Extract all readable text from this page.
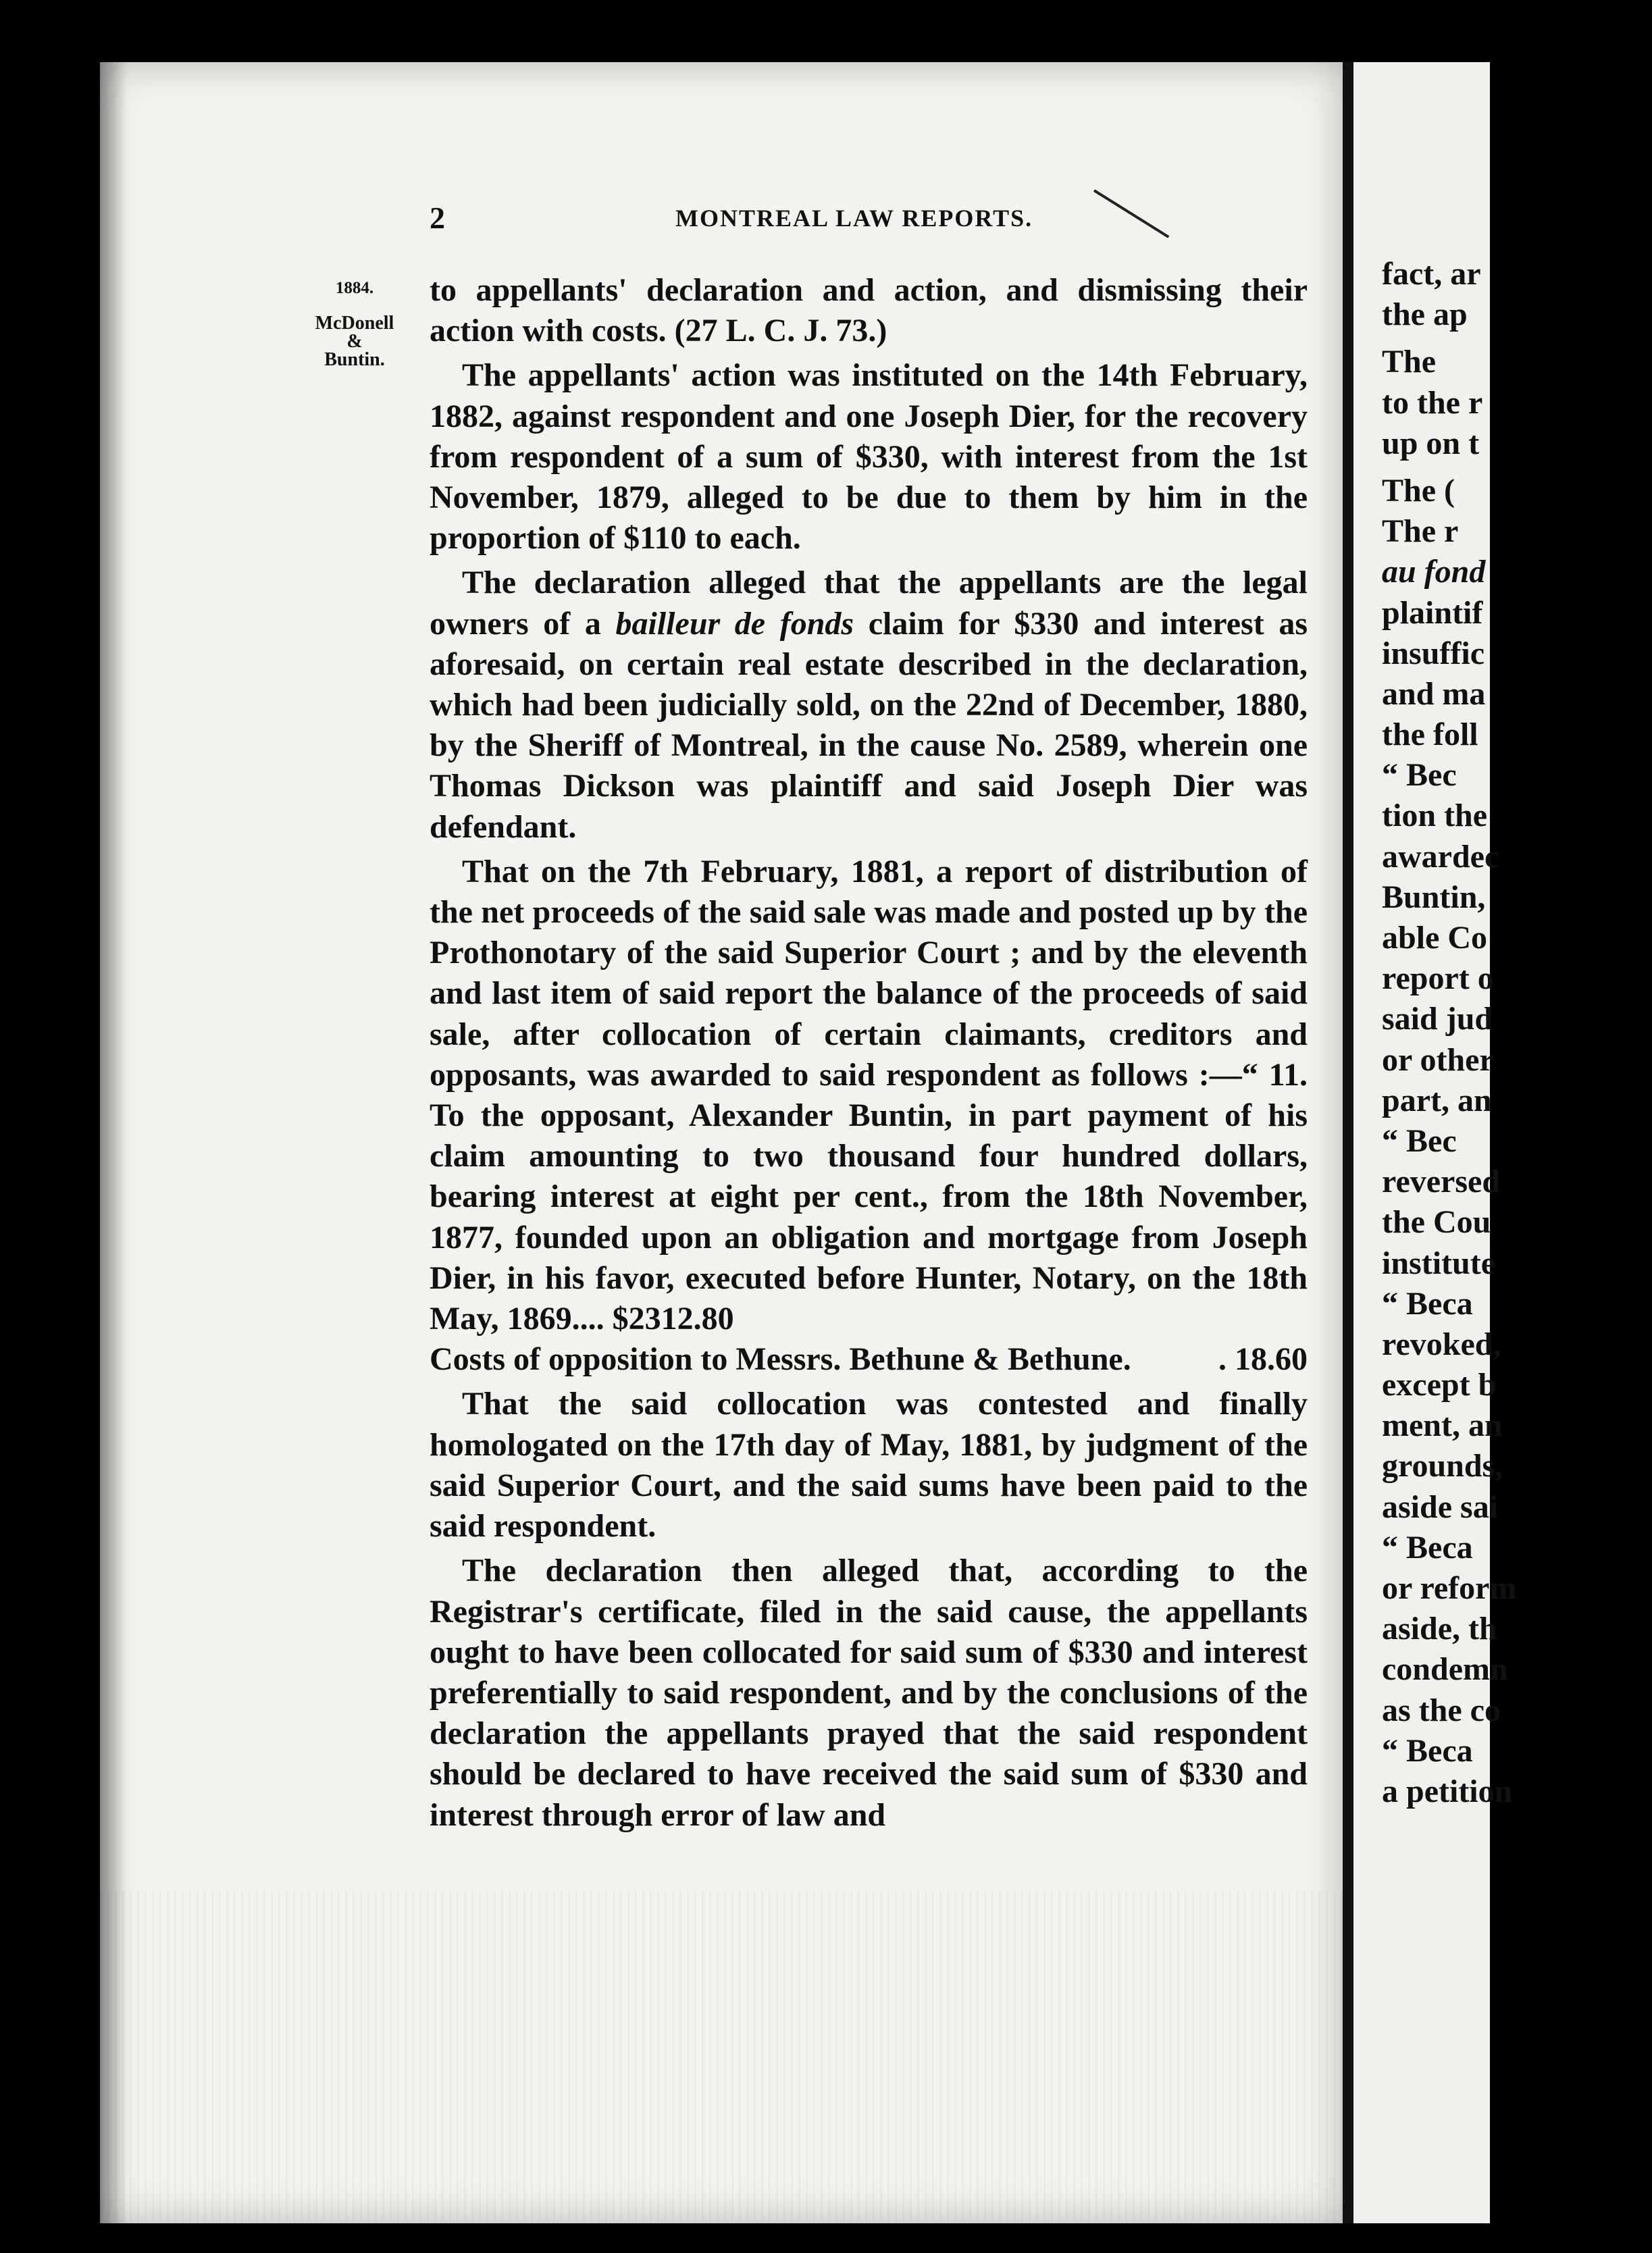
2	MONTREAL LAW REPORTS.
1884.
McDonell
&
Buntin.

to appellants' declaration and action, and dismissing their action with costs. (27 L. C. J. 73.)

The appellants' action was instituted on the 14th February, 1882, against respondent and one Joseph Dier, for the recovery from respondent of a sum of $330, with interest from the 1st November, 1879, alleged to be due to them by him in the proportion of $110 to each.

The declaration alleged that the appellants are the legal owners of a bailleur de fonds claim for $330 and interest as aforesaid, on certain real estate described in the declaration, which had been judicially sold, on the 22nd of December, 1880, by the Sheriff of Montreal, in the cause No. 2589, wherein one Thomas Dickson was plaintiff and said Joseph Dier was defendant.

That on the 7th February, 1881, a report of distribution of the net proceeds of the said sale was made and posted up by the Prothonotary of the said Superior Court ; and by the eleventh and last item of said report the balance of the proceeds of said sale, after collocation of certain claimants, creditors and opposants, was awarded to said respondent as follows :—“ 11. To the opposant, Alexander Buntin, in part payment of his claim amounting to two thousand four hundred dollars, bearing interest at eight per cent., from the 18th November, 1877, founded upon an obligation and mortgage from Joseph Dier, in his favor, executed before Hunter, Notary, on the 18th May, 1869.... $2312.80

Costs of opposition to Messrs. Bethune & Bethune.	. 18.60

That the said collocation was contested and finally homologated on the 17th day of May, 1881, by judgment of the said Superior Court, and the said sums have been paid to the said respondent.

The declaration then alleged that, according to the Registrar's certificate, filed in the said cause, the appellants ought to have been collocated for said sum of $330 and interest preferentially to said respondent, and by the conclusions of the declaration the appellants prayed that the said respondent should be declared to have received the said sum of $330 and interest through error of law and

fact, ar
the ap
The
to the r
up on t
The (
The r
au fond
plaintif
insuffic
and ma
the foll
“ Bec
tion the
awardec
Buntin,
able Co
report o
said jud
or other
part, an
“ Bec
reversed
the Cou
institute
“ Beca
revoked,
except b
ment, an
grounds,
aside sai
“ Beca
or reform
aside, th
condemn
as the co
“ Beca
a petition
